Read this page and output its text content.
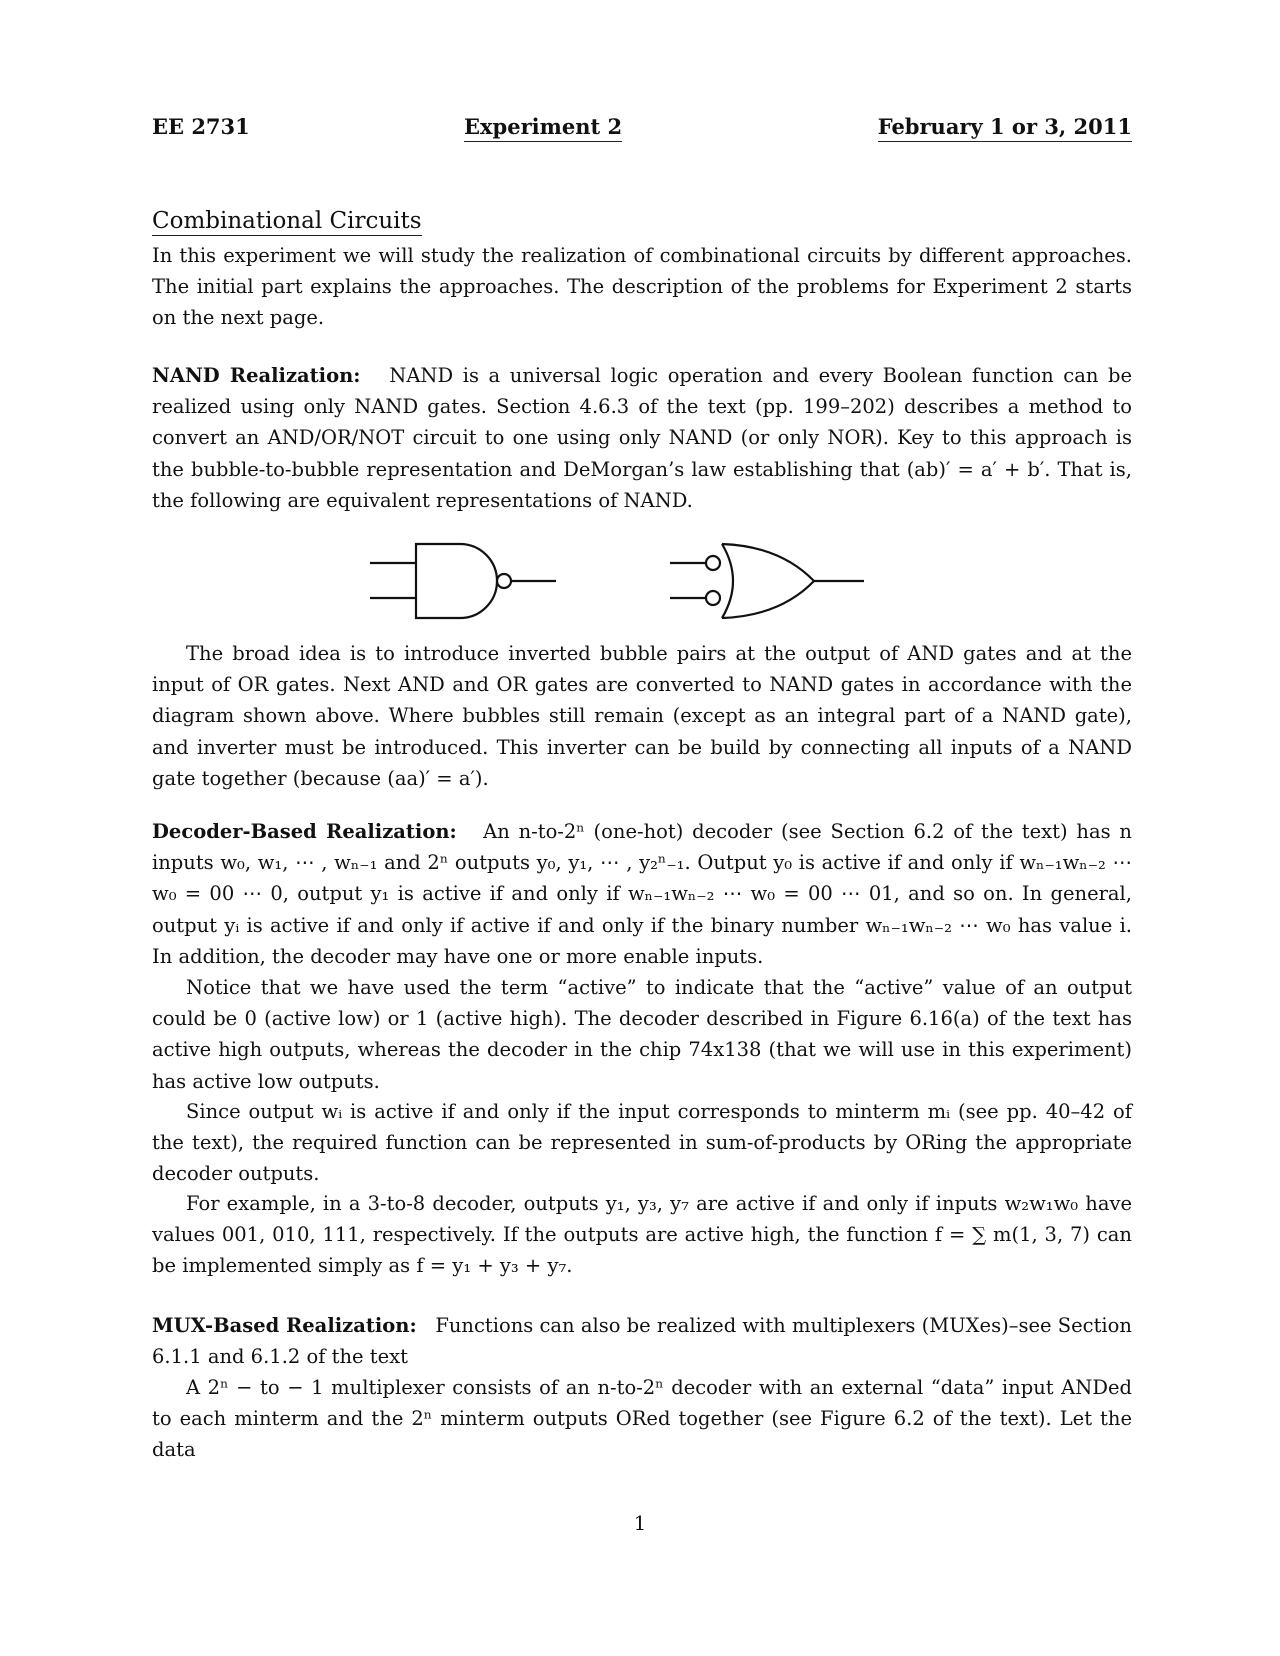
EE 2731	Experiment 2	February 1 or 3, 2011
Combinational Circuits

In this experiment we will study the realization of combinational circuits by different approaches. The initial part explains the approaches. The description of the problems for Experiment 2 starts on the next page.

NAND Realization: NAND is a universal logic operation and every Boolean function can be realized using only NAND gates. Section 4.6.3 of the text (pp. 199–202) describes a method to convert an AND/OR/NOT circuit to one using only NAND (or only NOR). Key to this approach is the bubble-to-bubble representation and DeMorgan’s law establishing that (ab)′ = a′ + b′. That is, the following are equivalent representations of NAND.

The broad idea is to introduce inverted bubble pairs at the output of AND gates and at the input of OR gates. Next AND and OR gates are converted to NAND gates in accordance with the diagram shown above. Where bubbles still remain (except as an integral part of a NAND gate), and inverter must be introduced. This inverter can be build by connecting all inputs of a NAND gate together (because (aa)′ = a′).

Decoder-Based Realization: An n-to-2ⁿ (one-hot) decoder (see Section 6.2 of the text) has n inputs w₀, w₁, ⋯ , wₙ₋₁ and 2ⁿ outputs y₀, y₁, ⋯ , y₂ⁿ₋₁. Output y₀ is active if and only if wₙ₋₁wₙ₋₂ ⋯ w₀ = 00 ⋯ 0, output y₁ is active if and only if wₙ₋₁wₙ₋₂ ⋯ w₀ = 00 ⋯ 01, and so on. In general, output yᵢ is active if and only if active if and only if the binary number wₙ₋₁wₙ₋₂ ⋯ w₀ has value i. In addition, the decoder may have one or more enable inputs.

Notice that we have used the term “active” to indicate that the “active” value of an output could be 0 (active low) or 1 (active high). The decoder described in Figure 6.16(a) of the text has active high outputs, whereas the decoder in the chip 74x138 (that we will use in this experiment) has active low outputs.

Since output wᵢ is active if and only if the input corresponds to minterm mᵢ (see pp. 40–42 of the text), the required function can be represented in sum-of-products by ORing the appropriate decoder outputs.

For example, in a 3-to-8 decoder, outputs y₁, y₃, y₇ are active if and only if inputs w₂w₁w₀ have values 001, 010, 111, respectively. If the outputs are active high, the function f = ∑ m(1, 3, 7) can be implemented simply as f = y₁ + y₃ + y₇.

MUX-Based Realization: Functions can also be realized with multiplexers (MUXes)–see Section 6.1.1 and 6.1.2 of the text

A 2ⁿ − to − 1 multiplexer consists of an n-to-2ⁿ decoder with an external “data” input ANDed to each minterm and the 2ⁿ minterm outputs ORed together (see Figure 6.2 of the text). Let the data

1
